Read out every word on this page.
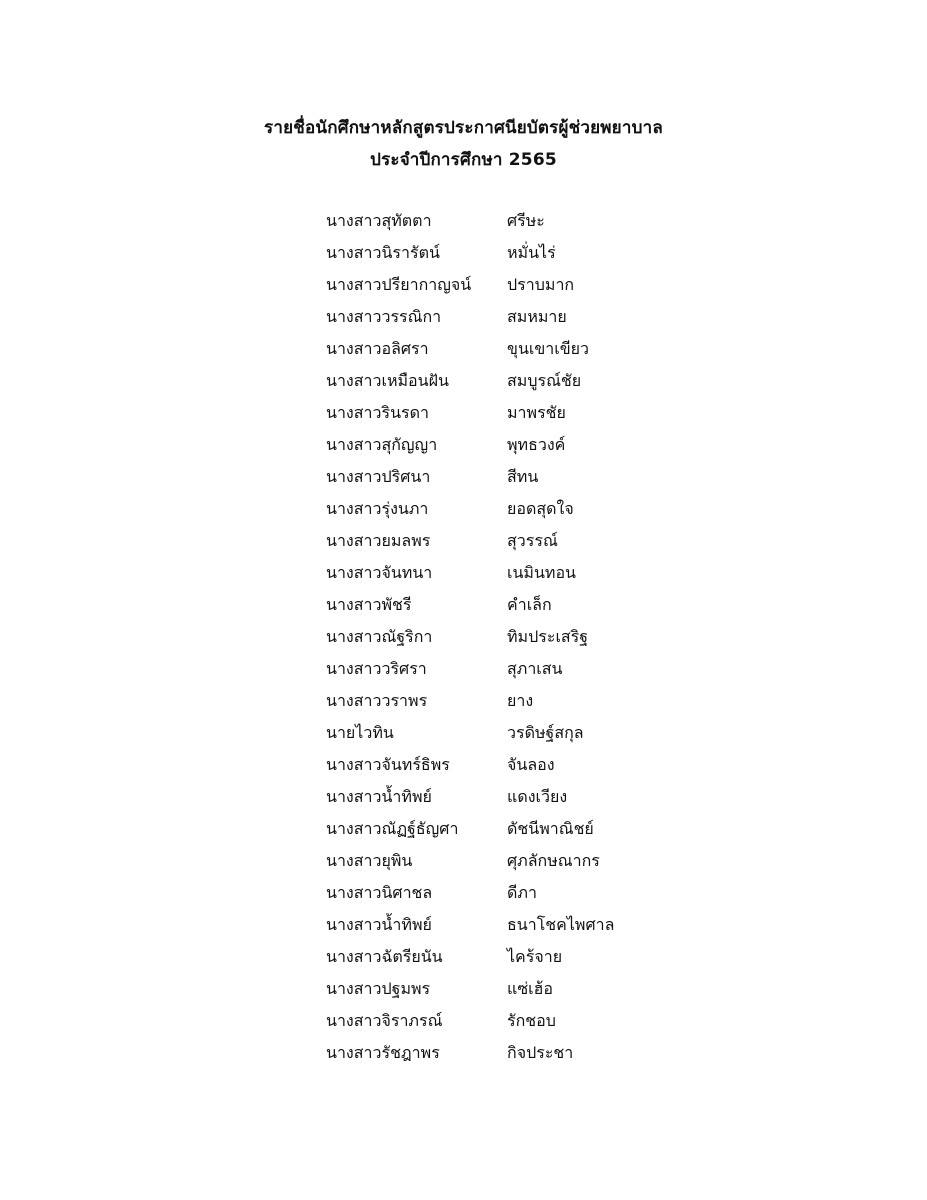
รายชื่อนักศึกษาหลักสูตรประกาศนียบัตรผู้ช่วยพยาบาล
ประจำปีการศึกษา 2565
นางสาวสุทัตตา	ศรีษะ
นางสาวนิรารัตน์	หมั่นไร่
นางสาวปรียากาญจน์	ปราบมาก
นางสาววรรณิกา	สมหมาย
นางสาวอลิศรา	ขุนเขาเขียว
นางสาวเหมือนฝัน	สมบูรณ์ชัย
นางสาวรินรดา	มาพรชัย
นางสาวสุกัญญา	พุทธวงค์
นางสาวปริศนา	สีทน
นางสาวรุ่งนภา	ยอดสุดใจ
นางสาวยมลพร	สุวรรณ์
นางสาวจันทนา	เนมินทอน
นางสาวพัชรี	คำเล็ก
นางสาวณัฐริกา	ทิมประเสริฐ
นางสาววริศรา	สุภาเสน
นางสาววราพร	ยาง
นายไวทิน	วรดิษฐ์สกุล
นางสาวจันทร์ธิพร	จันลอง
นางสาวน้ำทิพย์	แดงเวียง
นางสาวณัฏฐ์ธัญศา	ดัชนีพาณิชย์
นางสาวยุพิน	ศุภลักษณากร
นางสาวนิศาชล	ดีภา
นางสาวน้ำทิพย์	ธนาโชคไพศาล
นางสาวฉัตรียนัน	ไคร้จาย
นางสาวปฐมพร	แซ่เฮ้อ
นางสาวจิราภรณ์	รักชอบ
นางสาวรัชฎาพร	กิจประชา
